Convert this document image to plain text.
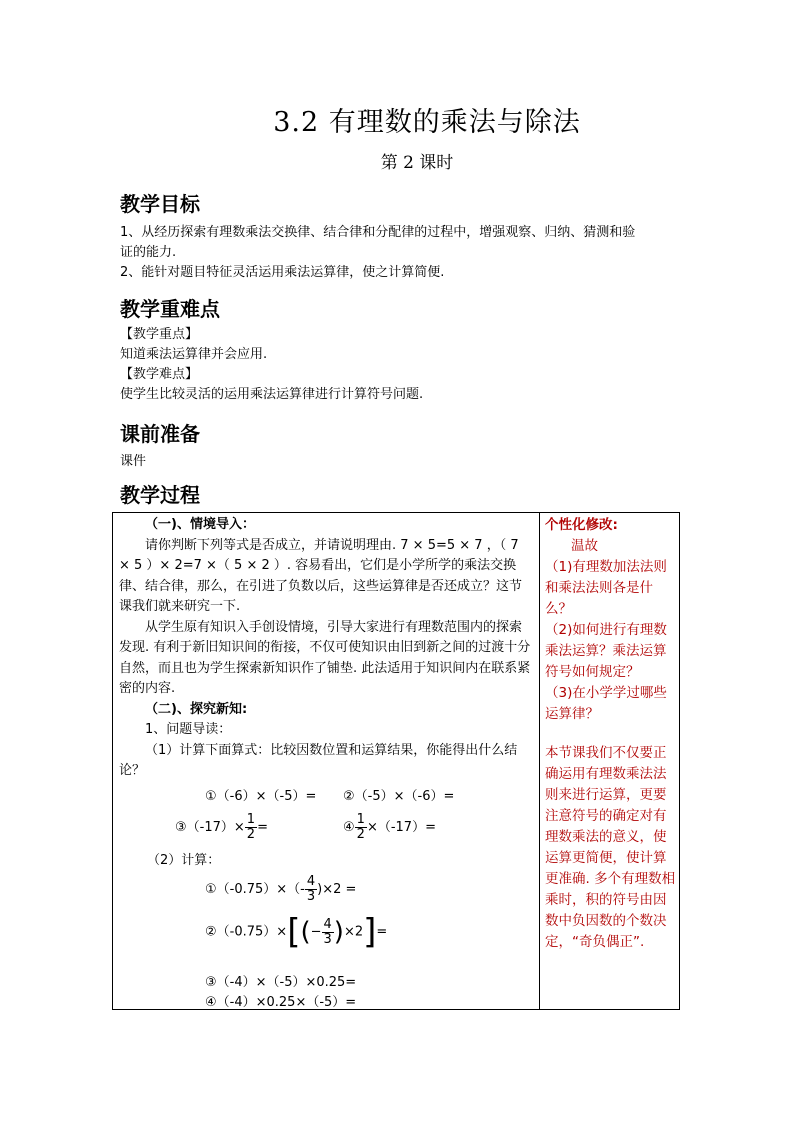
3.2 有理数的乘法与除法
第 2 课时
教学目标
1、从经历探索有理数乘法交换律、结合律和分配律的过程中，增强观察、归纳、猜测和验
证的能力.
2、能针对题目特征灵活运用乘法运算律，使之计算简便.
教学重难点
【教学重点】
知道乘法运算律并会应用.
【教学难点】
使学生比较灵活的运用乘法运算律进行计算符号问题.
课前准备
课件
教学过程
（一)、情境导入：
请你判断下列等式是否成立，并请说明理由. 7 × 5=5 × 7 ，（ 7 × 5 ）× 2=7 ×（ 5 × 2 ）. 容易看出，它们是小学所学的乘法交换律、结合律，那么，在引进了负数以后，这些运算律是否还成立？这节课我们就来研究一下.
从学生原有知识入手创设情境，引导大家进行有理数范围内的探索发现. 有利于新旧知识间的衔接，不仅可使知识由旧到新之间的过渡十分自然，而且也为学生探索新知识作了铺垫. 此法适用于知识间内在联系紧密的内容.
（二)、探究新知:
1、问题导读：
（1）计算下面算式：比较因数位置和运算结果，你能得出什么结论？
①（-6）×（-5）= ②（-5）×（-6）=
③（-17）× $\frac{1}{2}$ =	④ $\frac{1}{2} \times(-17)=$
（2）计算：
①（-0.75）×（- $\frac{4}{3} )\times 2$ =
②（-0.75）×[(− $\frac{4}{3} )\times 2]=$
③（-4）×（-5）×0.25=
④（-4）×0.25×（-5）=
个性化修改:
温故
（1)有理数加法法则和乘法法则各是什么？
（2)如何进行有理数乘法运算？乘法运算符号如何规定？
（3)在小学学过哪些运算律？
本节课我们不仅要正确运用有理数乘法法则来进行运算，更要注意符号的确定对有理数乘法的意义，使运算更简便，使计算更准确. 多个有理数相乘时，积的符号由因数中负因数的个数决定，“奇负偶正”.
